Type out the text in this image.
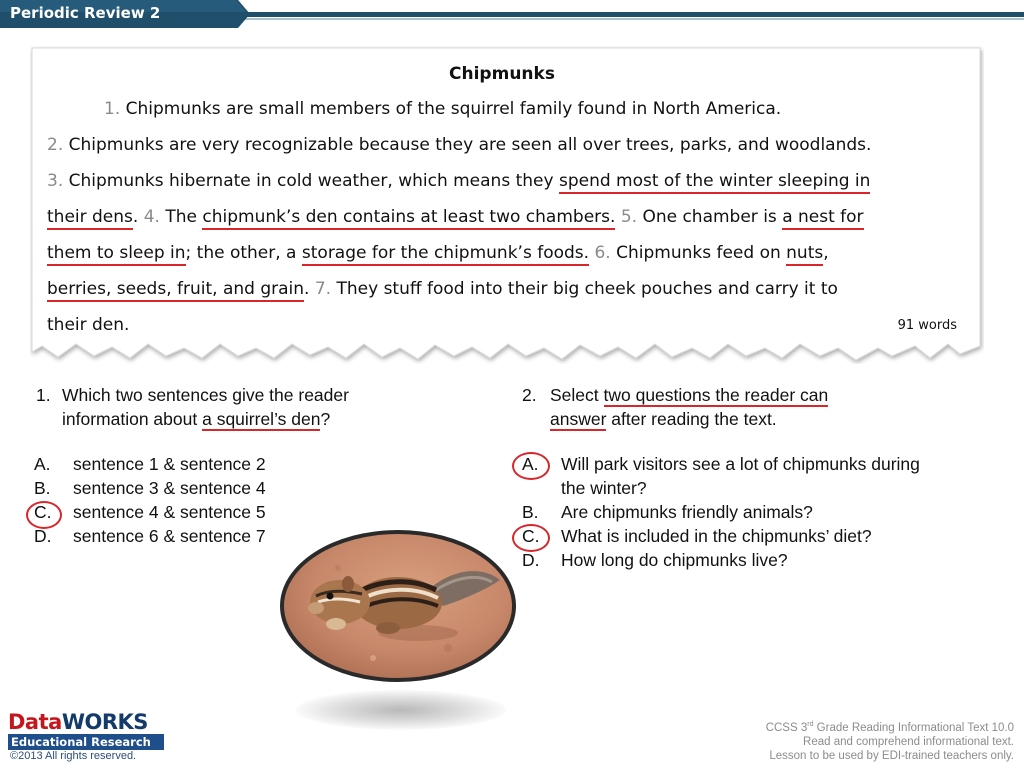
Periodic Review 2
Chipmunks
1. Chipmunks are small members of the squirrel family found in North America.
2. Chipmunks are very recognizable because they are seen all over trees, parks, and woodlands.
3. Chipmunks hibernate in cold weather, which means they spend most of the winter sleeping in
their dens. 4. The chipmunk’s den contains at least two chambers. 5. One chamber is a nest for
them to sleep in; the other, a storage for the chipmunk’s foods. 6. Chipmunks feed on nuts,
berries, seeds, fruit, and grain. 7. They stuff food into their big cheek pouches and carry it to
their den.	91 words
1. Which two sentences give the reader
information about a squirrel’s den?
A. sentence 1 & sentence 2
B. sentence 3 & sentence 4
C. sentence 4 & sentence 5
D. sentence 6 & sentence 7
2. Select two questions the reader can
answer after reading the text.
A. Will park visitors see a lot of chipmunks during
the winter?
B. Are chipmunks friendly animals?
C. What is included in the chipmunks’ diet?
D. How long do chipmunks live?
DataWORKS
Educational Research
©2013 All rights reserved.
CCSS 3rd Grade Reading Informational Text 10.0
Read and comprehend informational text.
Lesson to be used by EDI-trained teachers only.
